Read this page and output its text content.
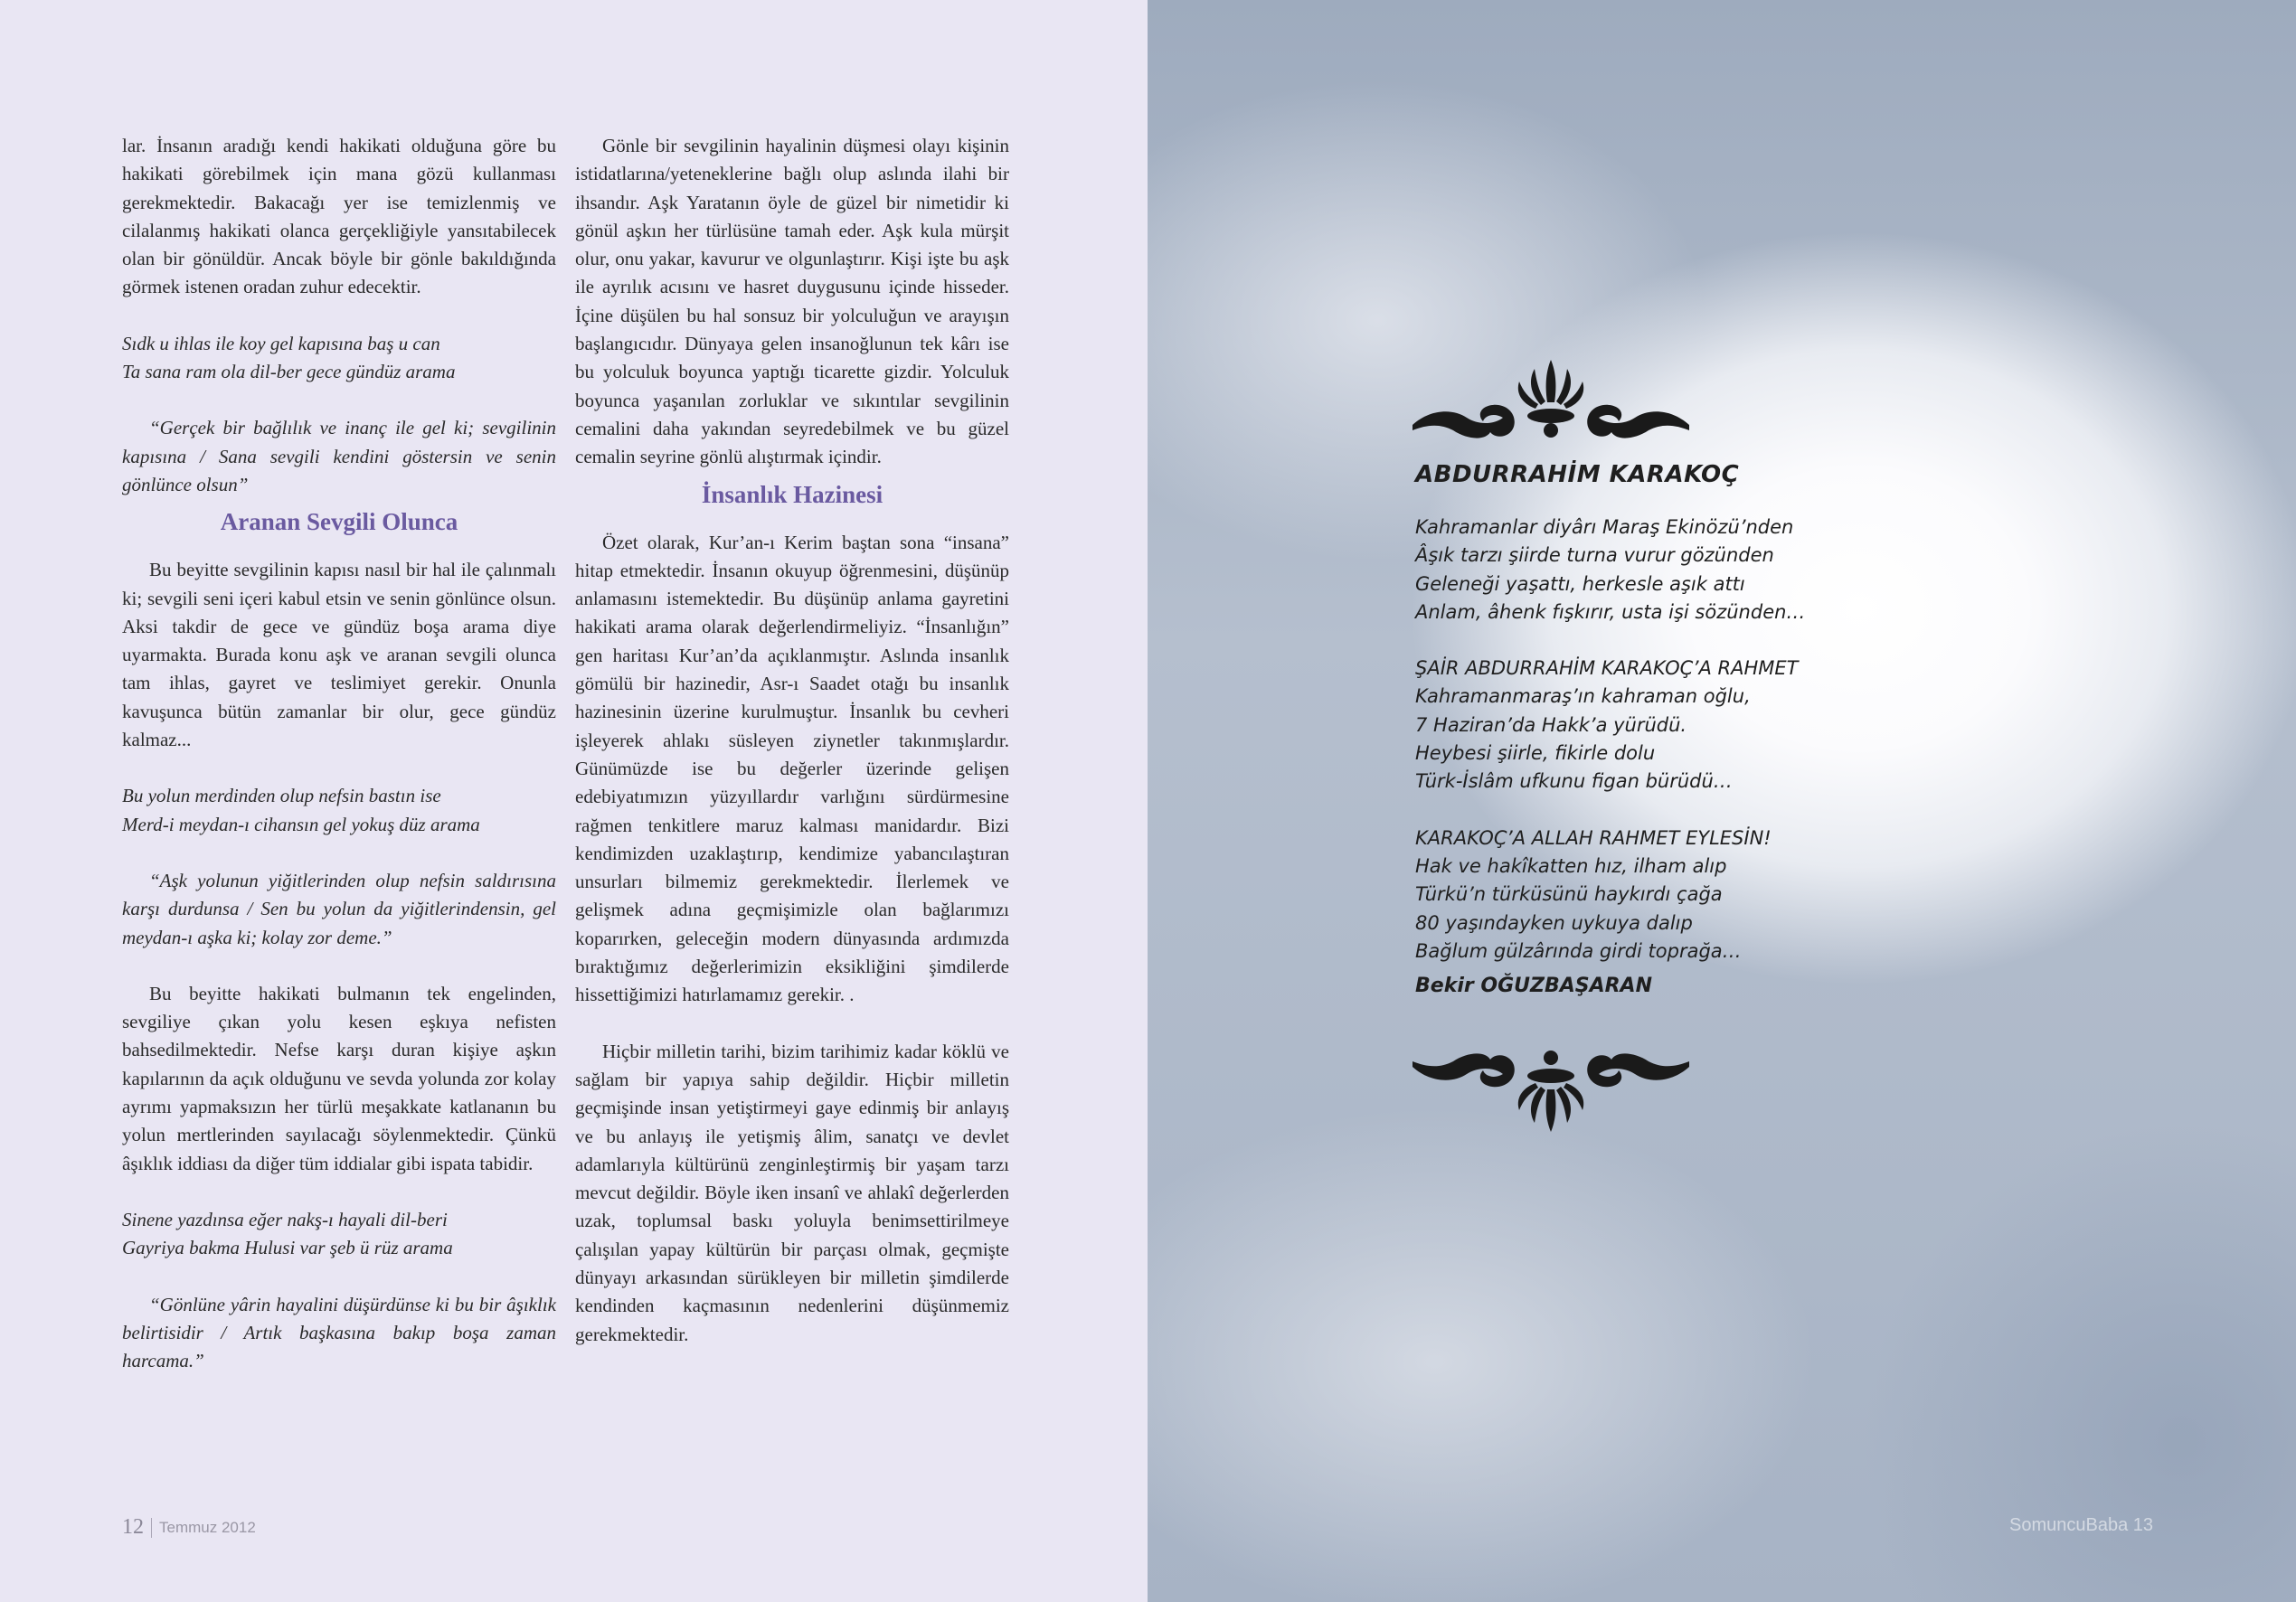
lar. İnsanın aradığı kendi hakikati olduğuna göre bu hakikati görebilmek için mana gözü kullanması gerekmektedir. Bakacağı yer ise temizlenmiş ve cilalanmış hakikati olanca gerçekliğiyle yansıtabilecek olan bir gönüldür. Ancak böyle bir gönle bakıldığında görmek istenen oradan zuhur edecektir.

Sıdk u ihlas ile koy gel kapısına baş u can

Ta sana ram ola dil-ber gece gündüz arama

“Gerçek bir bağlılık ve inanç ile gel ki; sevgilinin kapısına / Sana sevgili kendini göstersin ve senin gönlünce olsun”

Aranan Sevgili Olunca

Bu beyitte sevgilinin kapısı nasıl bir hal ile çalınmalı ki; sevgili seni içeri kabul etsin ve senin gönlünce olsun. Aksi takdir de gece ve gündüz boşa arama diye uyarmakta. Burada konu aşk ve aranan sevgili olunca tam ihlas, gayret ve teslimiyet gerekir. Onunla kavuşunca bütün zamanlar bir olur, gece gündüz kalmaz...

Bu yolun merdinden olup nefsin bastın ise

Merd-i meydan-ı cihansın gel yokuş düz arama

“Aşk yolunun yiğitlerinden olup nefsin saldırısına karşı durdunsa / Sen bu yolun da yiğitlerindensin, gel meydan-ı aşka ki; kolay zor deme.”

Bu beyitte hakikati bulmanın tek engelinden, sevgiliye çıkan yolu kesen eşkıya nefisten bahsedilmektedir. Nefse karşı duran kişiye aşkın kapılarının da açık olduğunu ve sevda yolunda zor kolay ayrımı yapmaksızın her türlü meşakkate katlananın bu yolun mertlerinden sayılacağı söylenmektedir. Çünkü âşıklık iddiası da diğer tüm iddialar gibi ispata tabidir.

Sinene yazdınsa eğer nakş-ı hayali dil-beri

Gayriya bakma Hulusi var şeb ü rüz arama

“Gönlüne yârin hayalini düşürdünse ki bu bir âşıklık belirtisidir / Artık başkasına bakıp boşa zaman harcama.”

Gönle bir sevgilinin hayalinin düşmesi olayı kişinin istidatlarına/yeteneklerine bağlı olup aslında ilahi bir ihsandır. Aşk Yaratanın öyle de güzel bir nimetidir ki gönül aşkın her türlüsüne tamah eder. Aşk kula mürşit olur, onu yakar, kavurur ve olgunlaştırır. Kişi işte bu aşk ile ayrılık acısını ve hasret duygusunu içinde hisseder. İçine düşülen bu hal sonsuz bir yolculuğun ve arayışın başlangıcıdır. Dünyaya gelen insanoğlunun tek kârı ise bu yolculuk boyunca yaptığı ticarette gizdir. Yolculuk boyunca yaşanılan zorluklar ve sıkıntılar sevgilinin cemalini daha yakından seyredebilmek ve bu güzel cemalin seyrine gönlü alıştırmak içindir.

İnsanlık Hazinesi

Özet olarak, Kur’an-ı Kerim baştan sona “insana” hitap etmektedir. İnsanın okuyup öğrenmesini, düşünüp anlamasını istemektedir. Bu düşünüp anlama gayretini hakikati arama olarak değerlendirmeliyiz. “İnsanlığın” gen haritası Kur’an’da açıklanmıştır. Aslında insanlık gömülü bir hazinedir, Asr-ı Saadet otağı bu insanlık hazinesinin üzerine kurulmuştur. İnsanlık bu cevheri işleyerek ahlakı süsleyen ziynetler takınmışlardır. Günümüzde ise bu değerler üzerinde gelişen edebiyatımızın yüzyıllardır varlığını sürdürmesine rağmen tenkitlere maruz kalması manidardır. Bizi kendimizden uzaklaştırıp, kendimize yabancılaştıran unsurları bilmemiz gerekmektedir. İlerlemek ve gelişmek adına geçmişimizle olan bağlarımızı koparırken, geleceğin modern dünyasında ardımızda bıraktığımız değerlerimizin eksikliğini şimdilerde hissettiğimizi hatırlamamız gerekir. .

Hiçbir milletin tarihi, bizim tarihimiz kadar köklü ve sağlam bir yapıya sahip değildir. Hiçbir milletin geçmişinde insan yetiştirmeyi gaye edinmiş bir anlayış ve bu anlayış ile yetişmiş âlim, sanatçı ve devlet adamlarıyla kültürünü zenginleştirmiş bir yaşam tarzı mevcut değildir. Böyle iken insanî ve ahlakî değerlerden uzak, toplumsal baskı yoluyla benimsettirilmeye çalışılan yapay kültürün bir parçası olmak, geçmişte dünyayı arkasından sürükleyen bir milletin şimdilerde kendinden kaçmasının nedenlerini düşünmemiz gerekmektedir.

12 Temmuz 2012
ABDURRAHİM KARAKOÇ
Kahramanlar diyârı Maraş Ekinözü’nden
Âşık tarzı şiirde turna vurur gözünden
Geleneği yaşattı, herkesle aşık attı
Anlam, âhenk fışkırır, usta işi sözünden…
ŞAİR ABDURRAHİM KARAKOÇ’A RAHMET
Kahramanmaraş’ın kahraman oğlu,
7 Haziran’da Hakk’a yürüdü.
Heybesi şiirle, fikirle dolu
Türk-İslâm ufkunu figan bürüdü…
KARAKOÇ’A ALLAH RAHMET EYLESİN!
Hak ve hakîkatten hız, ilham alıp
Türkü’n türküsünü haykırdı çağa
80 yaşındayken uykuya dalıp
Bağlum gülzârında girdi toprağa…
Bekir OĞUZBAŞARAN
SomuncuBaba 13
